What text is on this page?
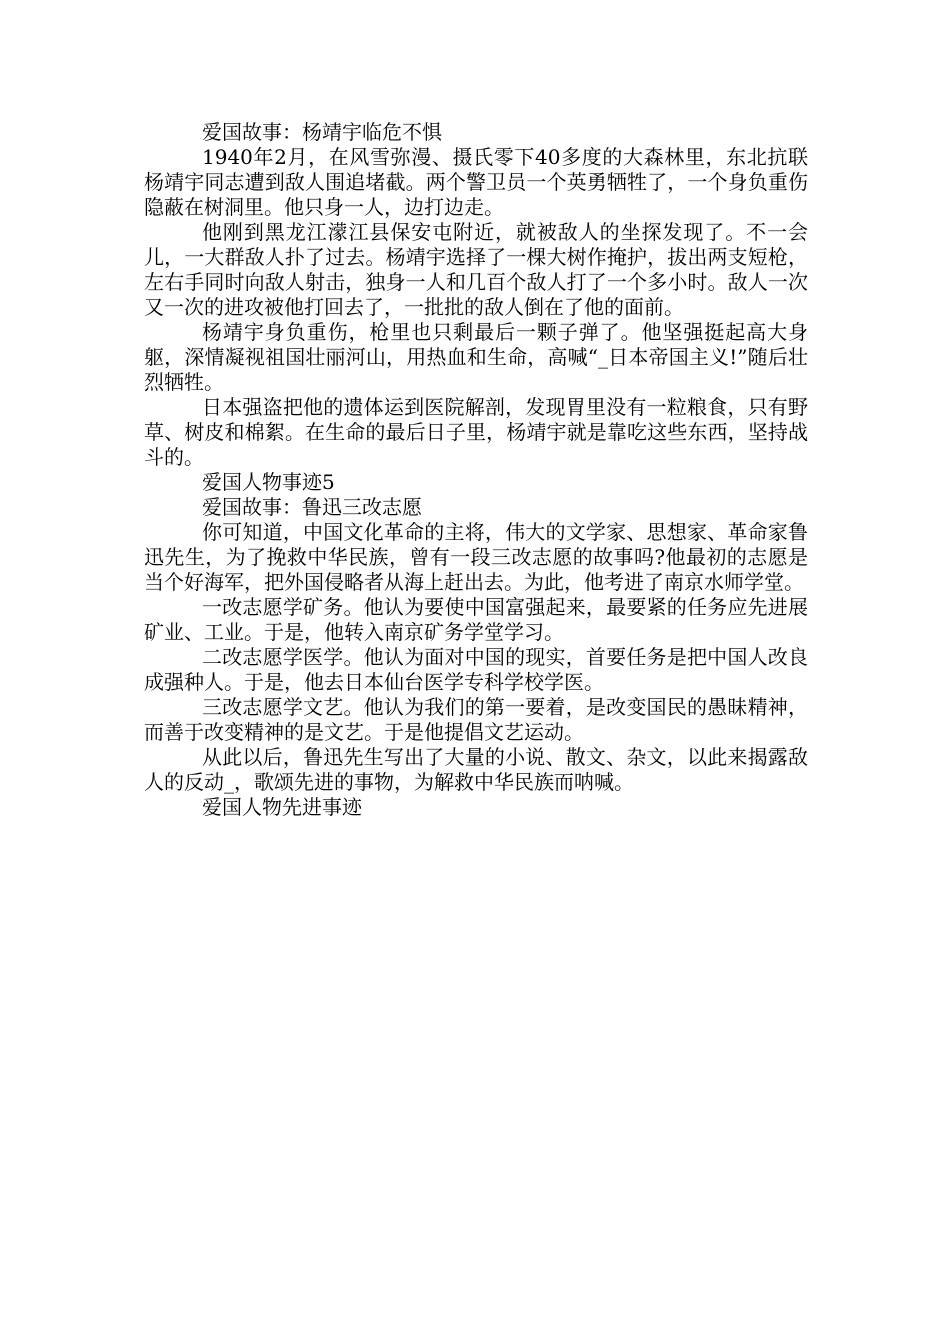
爱国故事：杨靖宇临危不惧

1940年2月，在风雪弥漫、摄氏零下40多度的大森林里，东北抗联杨靖宇同志遭到敌人围追堵截。两个警卫员一个英勇牺牲了，一个身负重伤隐蔽在树洞里。他只身一人，边打边走。

他刚到黑龙江濛江县保安屯附近，就被敌人的坐探发现了。不一会儿，一大群敌人扑了过去。杨靖宇选择了一棵大树作掩护，拔出两支短枪，左右手同时向敌人射击，独身一人和几百个敌人打了一个多小时。敌人一次又一次的进攻被他打回去了，一批批的敌人倒在了他的面前。

杨靖宇身负重伤，枪里也只剩最后一颗子弹了。他坚强挺起高大身躯，深情凝视祖国壮丽河山，用热血和生命，高喊“_日本帝国主义!”随后壮烈牺牲。

日本强盗把他的遗体运到医院解剖，发现胃里没有一粒粮食，只有野草、树皮和棉絮。在生命的最后日子里，杨靖宇就是靠吃这些东西，坚持战斗的。

爱国人物事迹5

爱国故事：鲁迅三改志愿

你可知道，中国文化革命的主将，伟大的文学家、思想家、革命家鲁迅先生，为了挽救中华民族，曾有一段三改志愿的故事吗?他最初的志愿是当个好海军，把外国侵略者从海上赶出去。为此，他考进了南京水师学堂。

一改志愿学矿务。他认为要使中国富强起来，最要紧的任务应先进展矿业、工业。于是，他转入南京矿务学堂学习。

二改志愿学医学。他认为面对中国的现实，首要任务是把中国人改良成强种人。于是，他去日本仙台医学专科学校学医。

三改志愿学文艺。他认为我们的第一要着，是改变国民的愚昧精神，而善于改变精神的是文艺。于是他提倡文艺运动。

从此以后，鲁迅先生写出了大量的小说、散文、杂文，以此来揭露敌人的反动_，歌颂先进的事物，为解救中华民族而呐喊。

爱国人物先进事迹
